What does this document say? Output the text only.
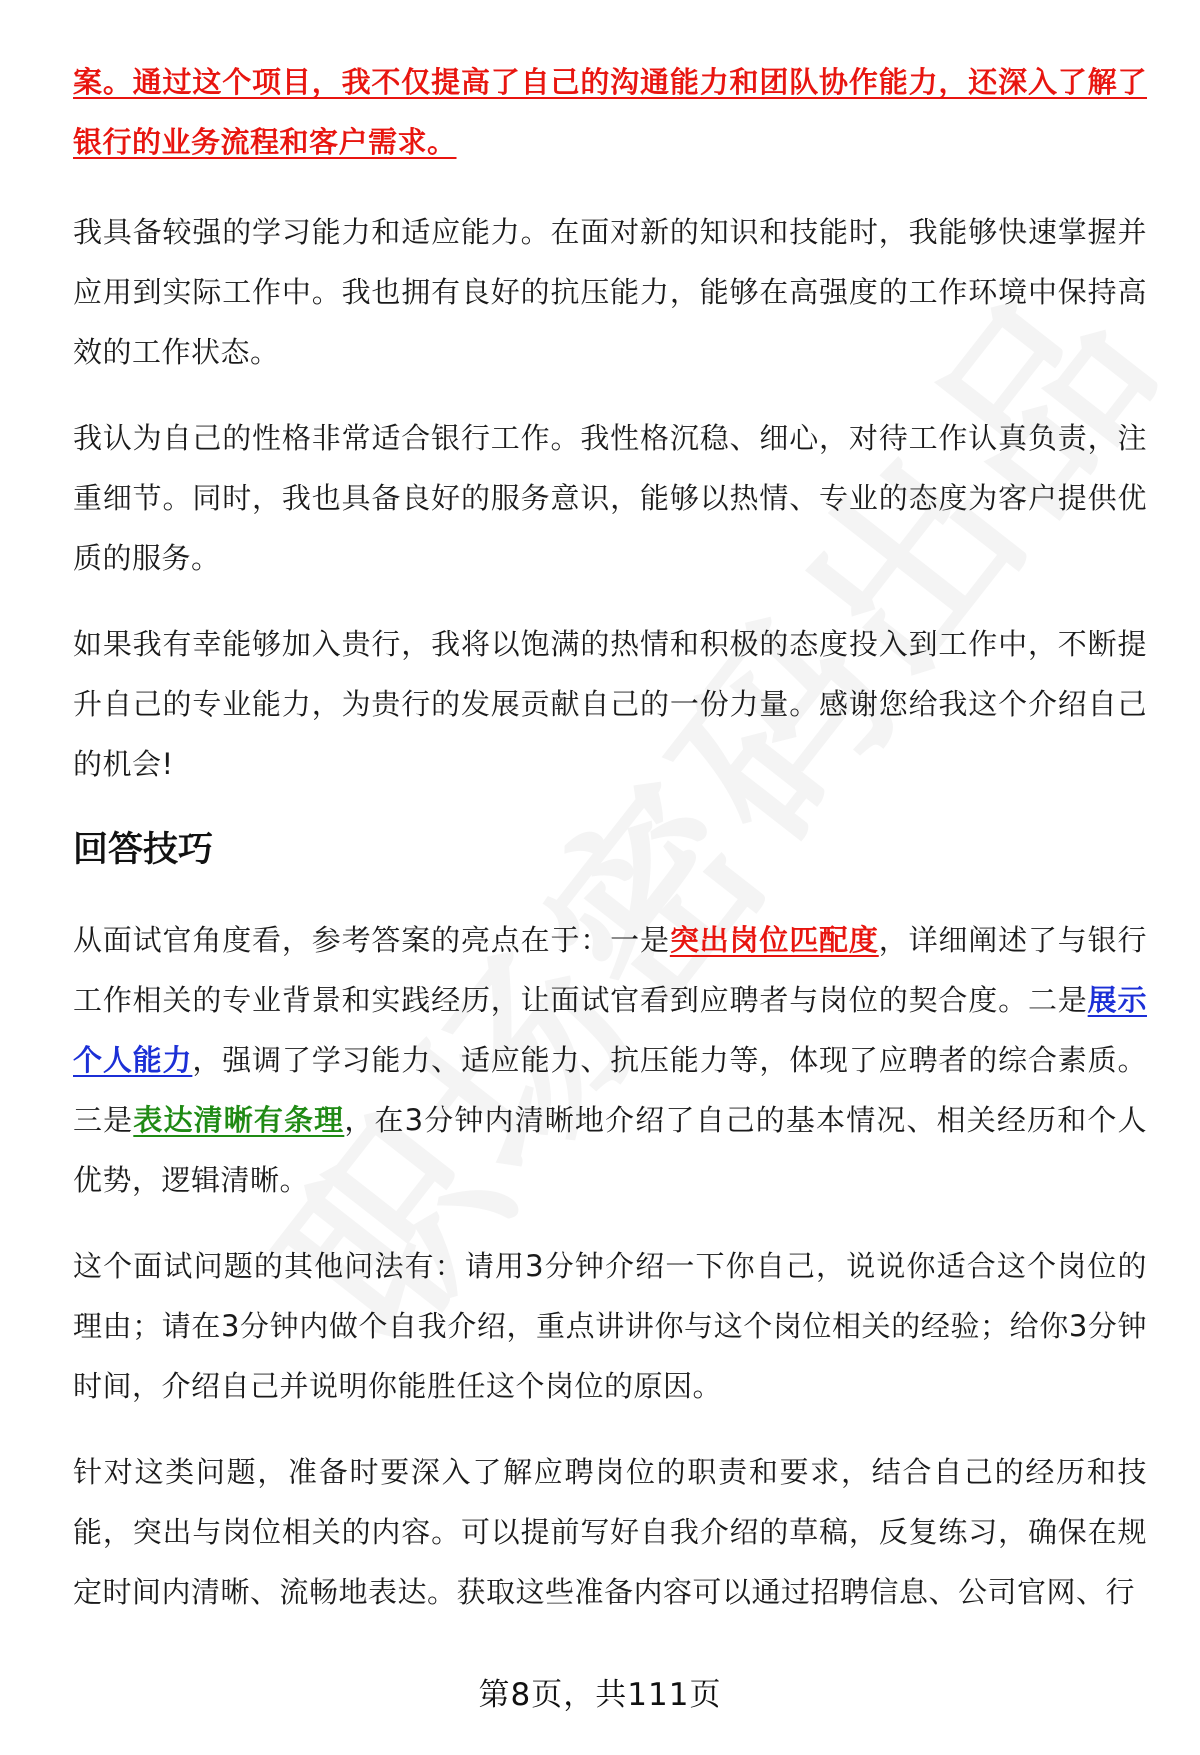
案。通过这个项目，我不仅提高了自己的沟通能力和团队协作能力，还深入了解了银行的业务流程和客户需求。

我具备较强的学习能力和适应能力。在面对新的知识和技能时，我能够快速掌握并应用到实际工作中。我也拥有良好的抗压能力，能够在高强度的工作环境中保持高效的工作状态。

我认为自己的性格非常适合银行工作。我性格沉稳、细心，对待工作认真负责，注重细节。同时，我也具备良好的服务意识，能够以热情、专业的态度为客户提供优质的服务。

如果我有幸能够加入贵行，我将以饱满的热情和积极的态度投入到工作中，不断提升自己的专业能力，为贵行的发展贡献自己的一份力量。感谢您给我这个介绍自己的机会!

回答技巧

从面试官角度看，参考答案的亮点在于：一是突出岗位匹配度，详细阐述了与银行工作相关的专业背景和实践经历，让面试官看到应聘者与岗位的契合度。二是展示个人能力，强调了学习能力、适应能力、抗压能力等，体现了应聘者的综合素质。三是表达清晰有条理，在3分钟内清晰地介绍了自己的基本情况、相关经历和个人优势，逻辑清晰。

这个面试问题的其他问法有：请用3分钟介绍一下你自己，说说你适合这个岗位的理由；请在3分钟内做个自我介绍，重点讲讲你与这个岗位相关的经验；给你3分钟时间，介绍自己并说明你能胜任这个岗位的原因。

针对这类问题，准备时要深入了解应聘岗位的职责和要求，结合自己的经历和技能，突出与岗位相关的内容。可以提前写好自我介绍的草稿，反复练习，确保在规定时间内清晰、流畅地表达。获取这些准备内容可以通过招聘信息、公司官网、行

第8页，共111页
